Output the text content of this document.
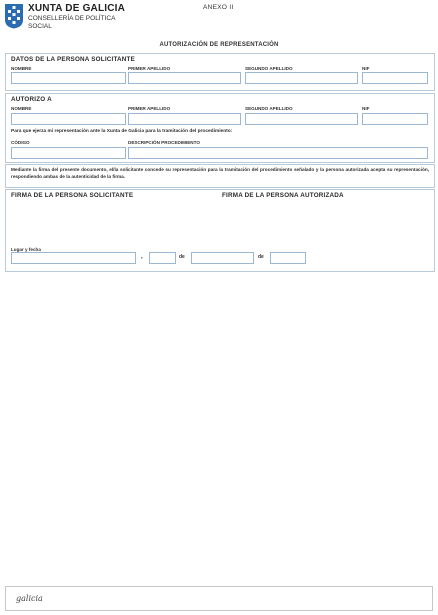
XUNTA DE GALICIA
CONSELLERÍA DE POLÍTICA
SOCIAL
ANEXO II
AUTORIZACIÓN DE REPRESENTACIÓN
DATOS DE LA PERSONA SOLICITANTE
NOMBRE	PRIMER APELLIDO	SEGUNDO APELLIDO	NIF
AUTORIZO A
NOMBRE	PRIMER APELLIDO	SEGUNDO APELLIDO	NIF
Para que ejerza mi representación ante la Xunta de Galicia para la tramitación del procedimiento:
CÓDIGO	DESCRIPCIÓN PROCEDIMIENTO
Mediante la firma del presente documento, el/la solicitante concede su representación para la tramitación del procedimiento señalado y la persona autorizada acepta su representación, respondiendo ambas de la autenticidad de la firma.
FIRMA DE LA PERSONA SOLICITANTE	FIRMA DE LA PERSONA AUTORIZADA
Lugar y fecha
,	de	de
galicia
